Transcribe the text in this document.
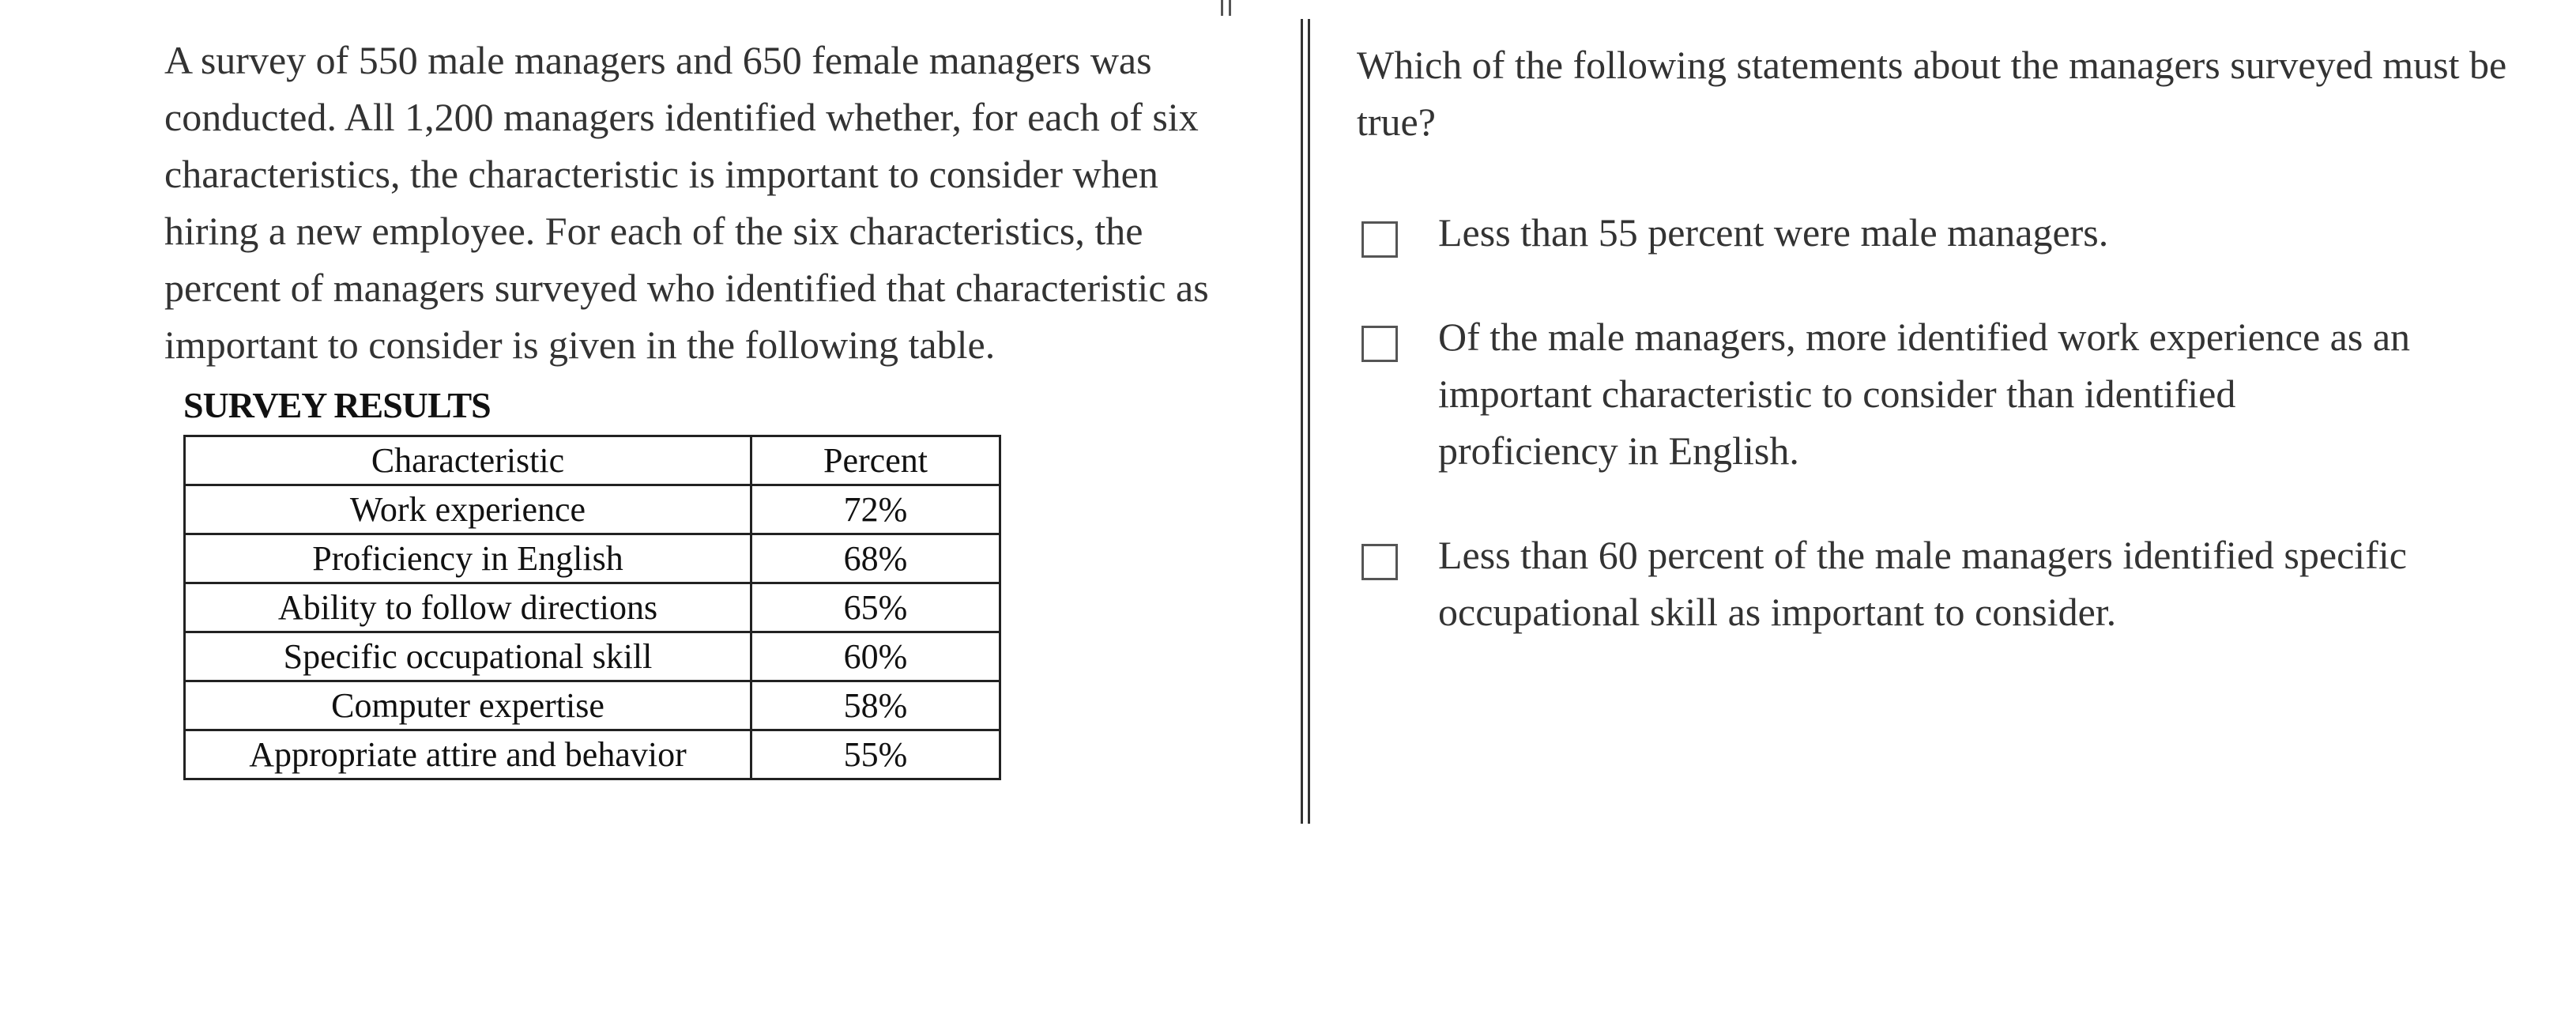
A survey of 550 male managers and 650 female managers was conducted. All 1,200 managers identified whether, for each of six characteristics, the characteristic is important to consider when hiring a new employee. For each of the six characteristics, the percent of managers surveyed who identified that characteristic as important to consider is given in the following table.

SURVEY RESULTS

Characteristic	Percent
Work experience	72%
Proficiency in English	68%
Ability to follow directions	65%
Specific occupational skill	60%
Computer expertise	58%
Appropriate attire and behavior	55%

Which of the following statements about the managers surveyed must be true?

Less than 55 percent were male managers.

Of the male managers, more identified work experience as an important characteristic to consider than identified proficiency in English.

Less than 60 percent of the male managers identified specific occupational skill as important to consider.
